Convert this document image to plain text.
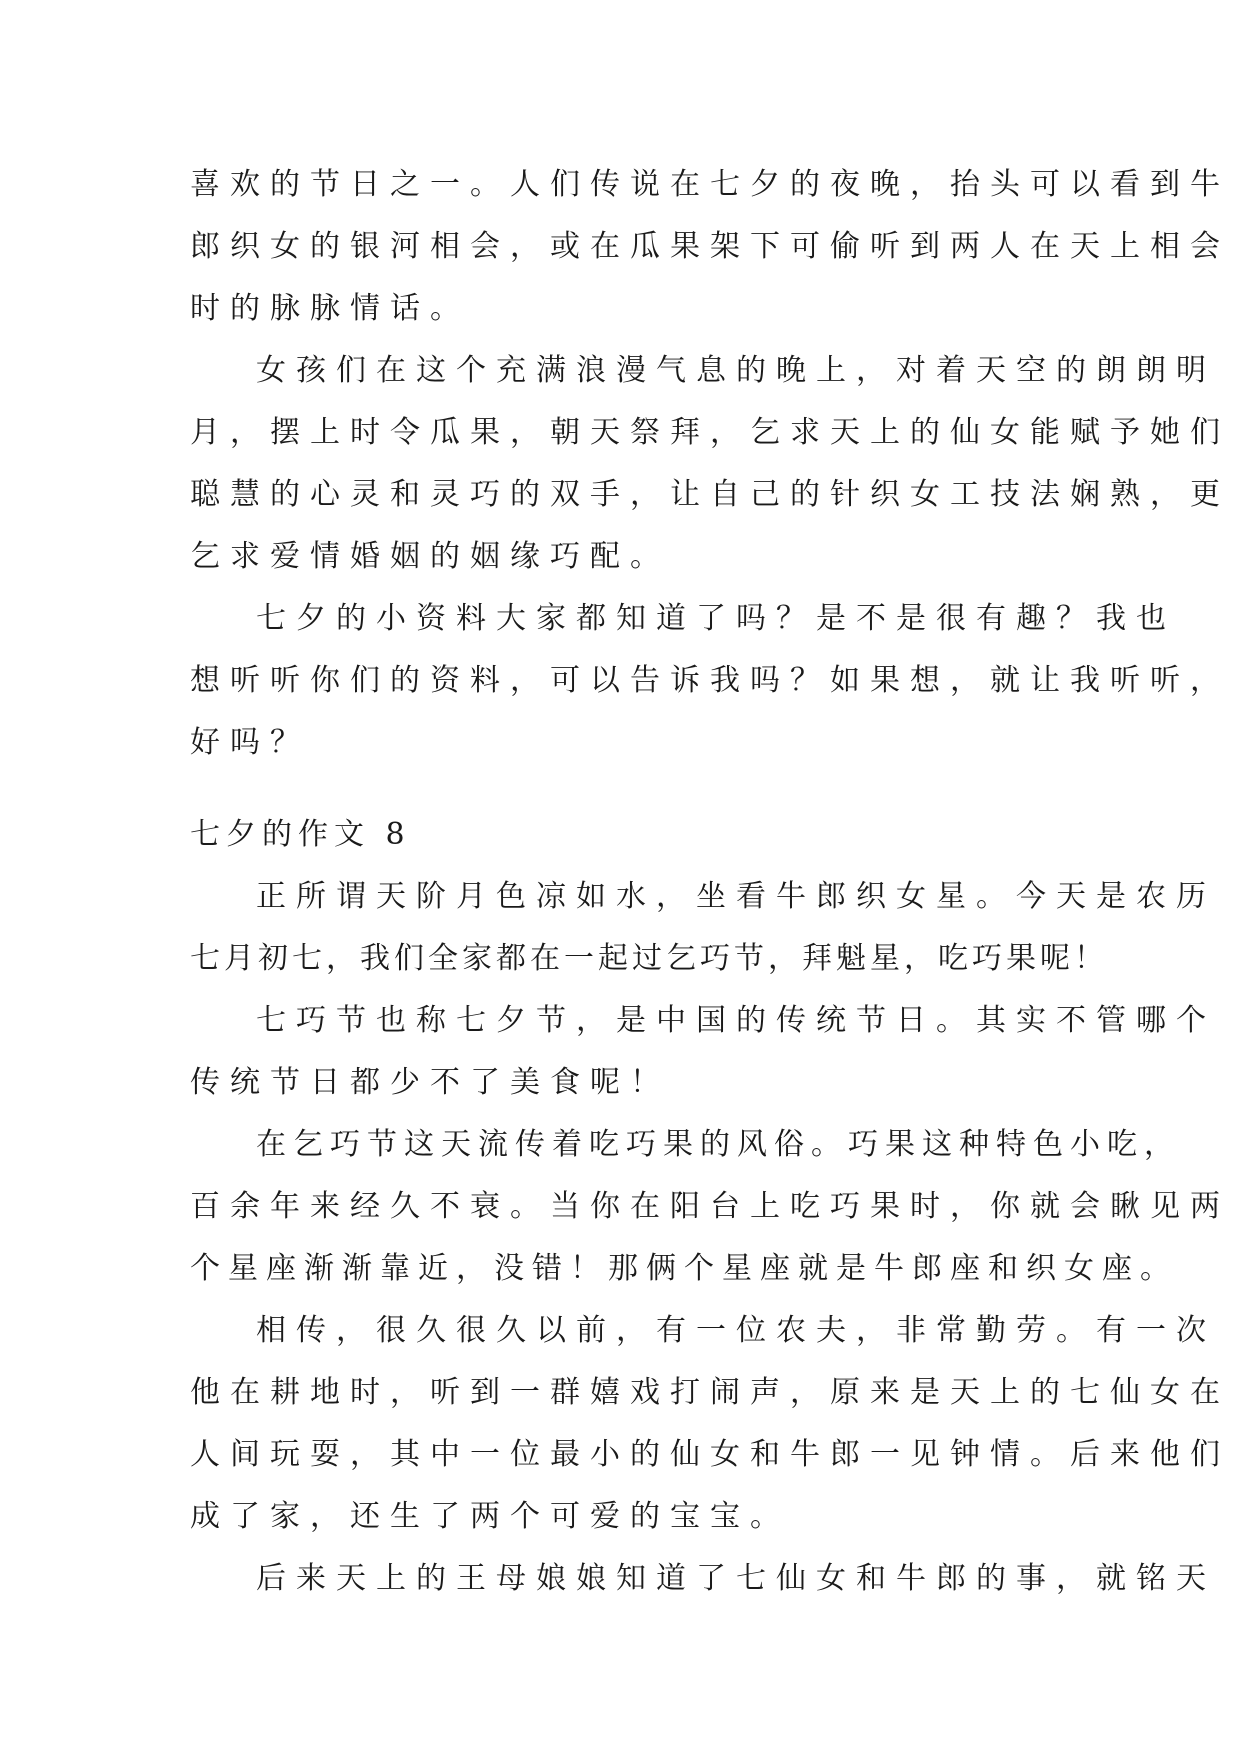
喜欢的节日之一。人们传说在七夕的夜晚，抬头可以看到牛
郎织女的银河相会，或在瓜果架下可偷听到两人在天上相会
时的脉脉情话。
女孩们在这个充满浪漫气息的晚上，对着天空的朗朗明
月，摆上时令瓜果，朝天祭拜，乞求天上的仙女能赋予她们
聪慧的心灵和灵巧的双手，让自己的针织女工技法娴熟，更
乞求爱情婚姻的姻缘巧配。
七夕的小资料大家都知道了吗？是不是很有趣？我也
想听听你们的资料，可以告诉我吗？如果想，就让我听听，
好吗？
七夕的作文 8
正所谓天阶月色凉如水，坐看牛郎织女星。今天是农历
七月初七，我们全家都在一起过乞巧节，拜魁星，吃巧果呢！
七巧节也称七夕节，是中国的传统节日。其实不管哪个
传统节日都少不了美食呢！
在乞巧节这天流传着吃巧果的风俗。巧果这种特色小吃，
百余年来经久不衰。当你在阳台上吃巧果时，你就会瞅见两
个星座渐渐靠近，没错！那俩个星座就是牛郎座和织女座。
相传，很久很久以前，有一位农夫，非常勤劳。有一次
他在耕地时，听到一群嬉戏打闹声，原来是天上的七仙女在
人间玩耍，其中一位最小的仙女和牛郎一见钟情。后来他们
成了家，还生了两个可爱的宝宝。
后来天上的王母娘娘知道了七仙女和牛郎的事，就铭天
